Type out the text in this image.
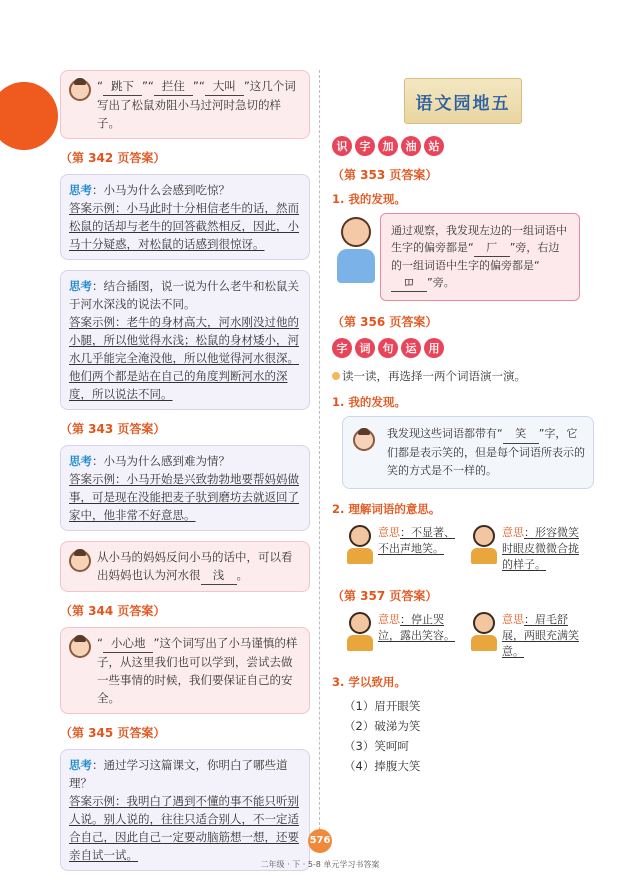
“ 跳下 ”“ 拦住 ”“ 大叫 ”这几个词写出了松鼠劝阻小马过河时急切的样子。
（第 342 页答案）
思考：小马为什么会感到吃惊？
答案示例：小马此时十分相信老牛的话，然而松鼠的话却与老牛的回答截然相反，因此，小马十分疑惑，对松鼠的话感到很惊讶。
思考：结合插图，说一说为什么老牛和松鼠关于河水深浅的说法不同。
答案示例：老牛的身材高大，河水刚没过他的小腿，所以他觉得水浅；松鼠的身材矮小，河水几乎能完全淹没他，所以他觉得河水很深。他们两个都是站在自己的角度判断河水的深度，所以说法不同。
（第 343 页答案）
思考：小马为什么感到难为情？
答案示例：小马开始是兴致勃勃地要帮妈妈做事，可是现在没能把麦子驮到磨坊去就返回了家中，他非常不好意思。
从小马的妈妈反问小马的话中，可以看出妈妈也认为河水很 浅 。
（第 344 页答案）
“ 小心地 ”这个词写出了小马谨慎的样子，从这里我们也可以学到，尝试去做一些事情的时候，我们要保证自己的安全。
（第 345 页答案）
思考：通过学习这篇课文，你明白了哪些道理？
答案示例：我明白了遇到不懂的事不能只听别人说。别人说的，往往只适合别人，不一定适合自己，因此自己一定要动脑筋想一想，还要亲自试一试。
语文园地五
识	字	加	油	站
（第 353 页答案）
1. 我的发现。
通过观察，我发现左边的一组词语中生字的偏旁都是“ 厂 ”旁，右边的一组词语中生字的偏旁都是“𫩏 ”旁。
（第 356 页答案）
字	词	句	运	用
读一读，再选择一两个词语演一演。
1. 我的发现。
我发现这些词语都带有“ 笑 ”字，它们都是表示笑的，但是每个词语所表示的笑的方式是不一样的。
2. 理解词语的意思。
意思：不显著、不出声地笑。
意思：形容微笑时眼皮微微合拢的样子。
（第 357 页答案）
意思：停止哭泣，露出笑容。
意思：眉毛舒展，两眼充满笑意。
3. 学以致用。
（1）眉开眼笑
（2）破涕为笑
（3）笑呵呵
（4）捧腹大笑
576
二年级 · 下 · 5-8 单元学习书答案
